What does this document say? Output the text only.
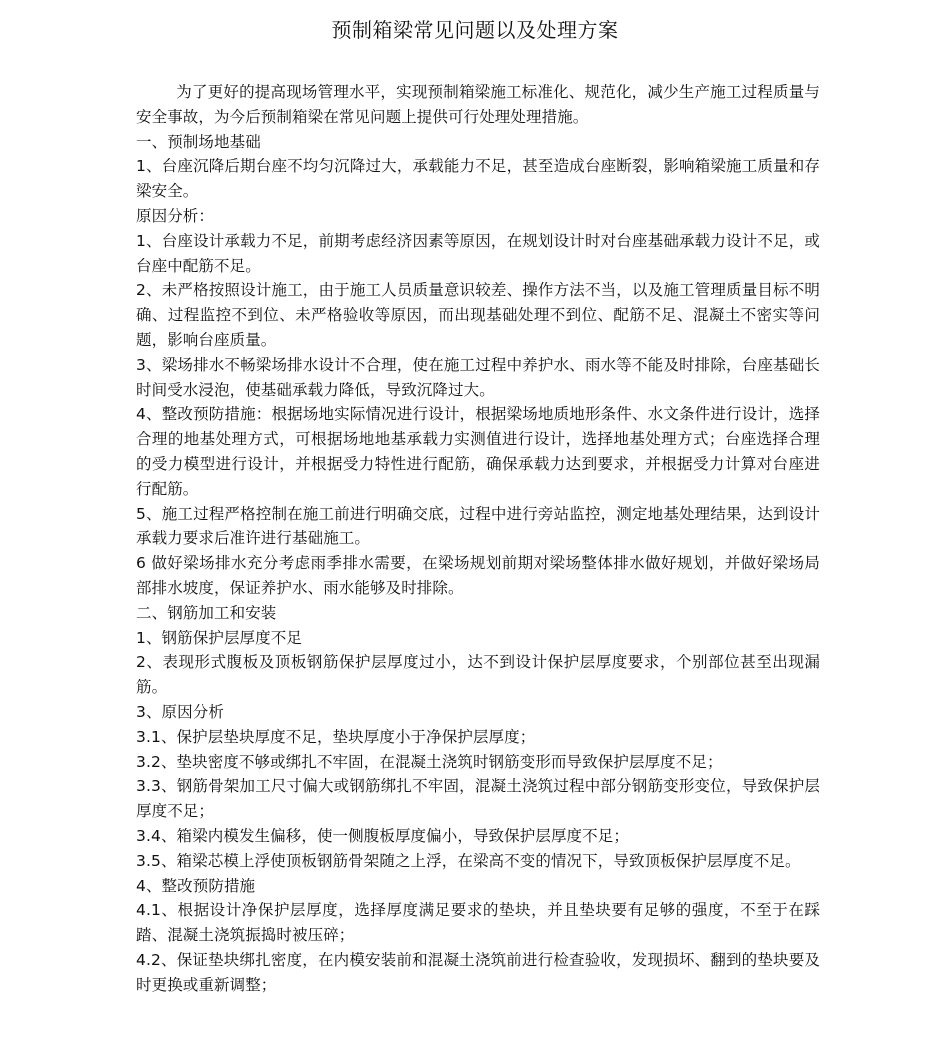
预制箱梁常见问题以及处理方案

为了更好的提高现场管理水平，实现预制箱梁施工标准化、规范化，减少生产施工过程质量与安全事故，为今后预制箱梁在常见问题上提供可行处理处理措施。

一、预制场地基础

1、台座沉降后期台座不均匀沉降过大，承载能力不足，甚至造成台座断裂，影响箱梁施工质量和存梁安全。

原因分析：

1、台座设计承载力不足，前期考虑经济因素等原因，在规划设计时对台座基础承载力设计不足，或台座中配筋不足。

2、未严格按照设计施工，由于施工人员质量意识较差、操作方法不当，以及施工管理质量目标不明确、过程监控不到位、未严格验收等原因，而出现基础处理不到位、配筋不足、混凝土不密实等问题，影响台座质量。

3、梁场排水不畅梁场排水设计不合理，使在施工过程中养护水、雨水等不能及时排除，台座基础长时间受水浸泡，使基础承载力降低，导致沉降过大。

4、整改预防措施：根据场地实际情况进行设计，根据梁场地质地形条件、水文条件进行设计，选择合理的地基处理方式，可根据场地地基承载力实测值进行设计，选择地基处理方式；台座选择合理的受力模型进行设计，并根据受力特性进行配筋，确保承载力达到要求，并根据受力计算对台座进行配筋。

5、施工过程严格控制在施工前进行明确交底，过程中进行旁站监控，测定地基处理结果，达到设计承载力要求后准许进行基础施工。

6 做好梁场排水充分考虑雨季排水需要，在梁场规划前期对梁场整体排水做好规划，并做好梁场局部排水坡度，保证养护水、雨水能够及时排除。

二、钢筋加工和安装

1、钢筋保护层厚度不足

2、表现形式腹板及顶板钢筋保护层厚度过小，达不到设计保护层厚度要求，个别部位甚至出现漏筋。

3、原因分析

3.1、保护层垫块厚度不足，垫块厚度小于净保护层厚度；

3.2、垫块密度不够或绑扎不牢固，在混凝土浇筑时钢筋变形而导致保护层厚度不足；

3.3、钢筋骨架加工尺寸偏大或钢筋绑扎不牢固，混凝土浇筑过程中部分钢筋变形变位，导致保护层厚度不足；

3.4、箱梁内模发生偏移，使一侧腹板厚度偏小，导致保护层厚度不足；

3.5、箱梁芯模上浮使顶板钢筋骨架随之上浮，在梁高不变的情况下，导致顶板保护层厚度不足。

4、整改预防措施

4.1、根据设计净保护层厚度，选择厚度满足要求的垫块，并且垫块要有足够的强度，不至于在踩踏、混凝土浇筑振捣时被压碎；

4.2、保证垫块绑扎密度，在内模安装前和混凝土浇筑前进行检查验收，发现损坏、翻到的垫块要及时更换或重新调整；
